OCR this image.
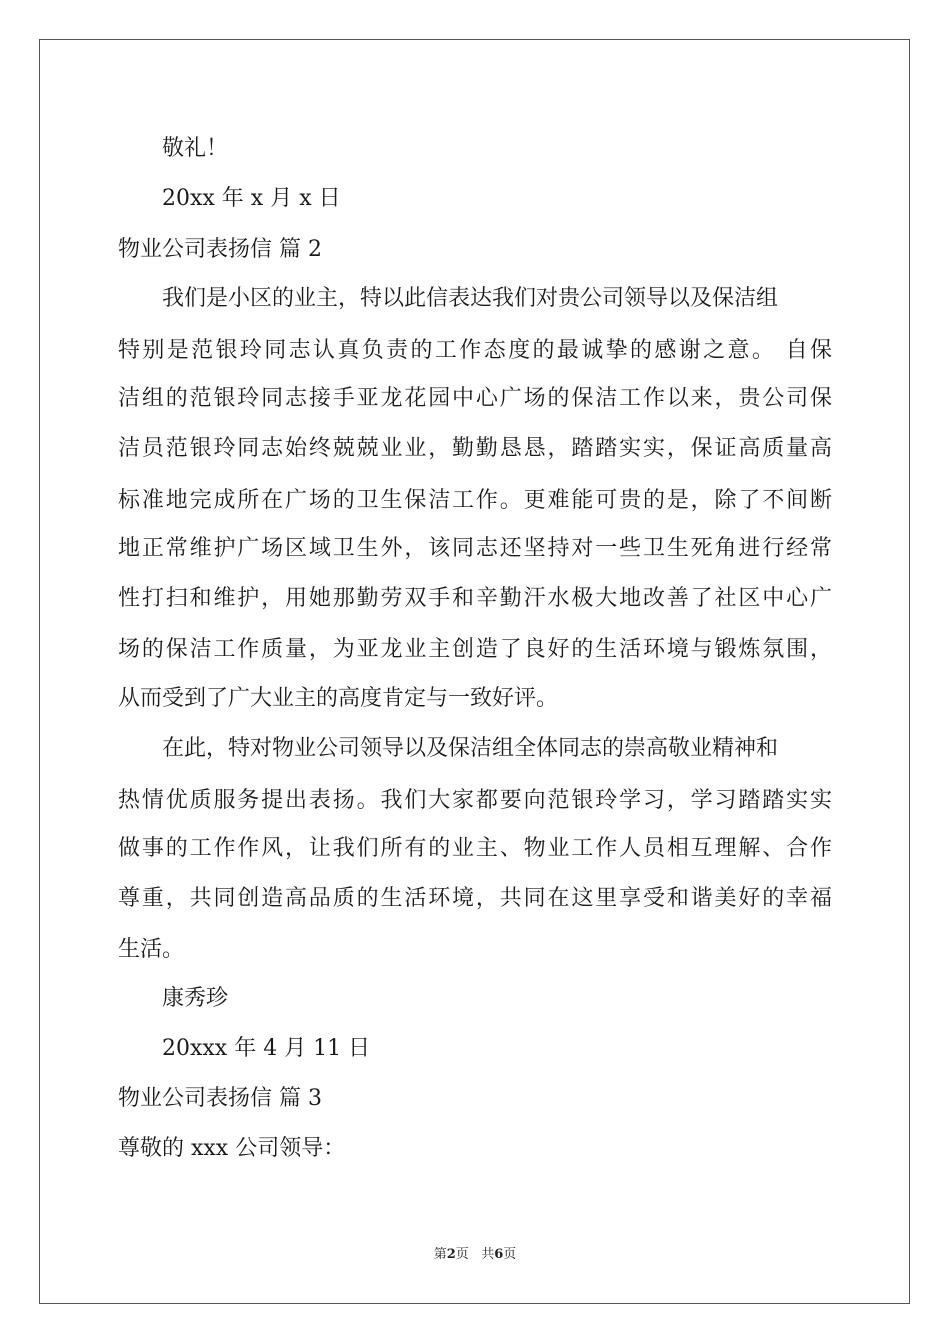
敬礼！
20xx 年 x 月 x 日
物业公司表扬信 篇 2
我们是小区的业主，特以此信表达我们对贵公司领导以及保洁组
特别是范银玲同志认真负责的工作态度的最诚挚的感谢之意。 自保
洁组的范银玲同志接手亚龙花园中心广场的保洁工作以来，贵公司保
洁员范银玲同志始终兢兢业业，勤勤恳恳，踏踏实实，保证高质量高
标准地完成所在广场的卫生保洁工作。更难能可贵的是，除了不间断
地正常维护广场区域卫生外，该同志还坚持对一些卫生死角进行经常
性打扫和维护，用她那勤劳双手和辛勤汗水极大地改善了社区中心广
场的保洁工作质量，为亚龙业主创造了良好的生活环境与锻炼氛围，
从而受到了广大业主的高度肯定与一致好评。
在此，特对物业公司领导以及保洁组全体同志的崇高敬业精神和
热情优质服务提出表扬。我们大家都要向范银玲学习，学习踏踏实实
做事的工作作风，让我们所有的业主、物业工作人员相互理解、合作
尊重，共同创造高品质的生活环境，共同在这里享受和谐美好的幸福
生活。
康秀珍
20xxx 年 4 月 11 日
物业公司表扬信 篇 3
尊敬的 xxx 公司领导：
第2页 共6页
